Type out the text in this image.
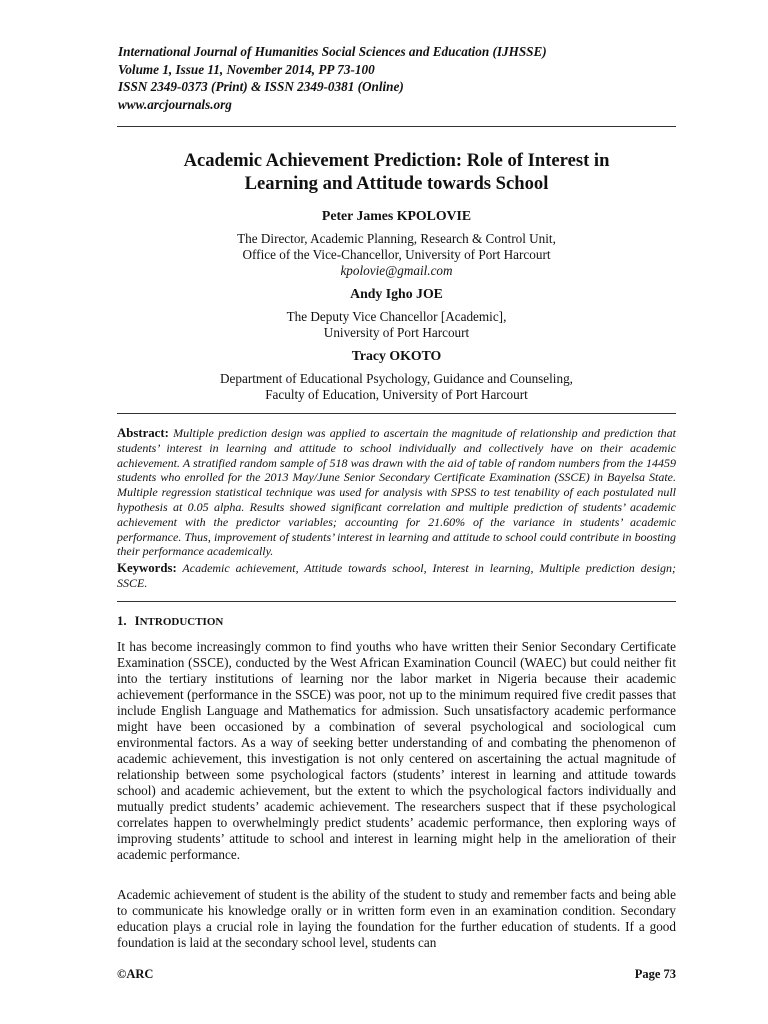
International Journal of Humanities Social Sciences and Education (IJHSSE)
Volume 1, Issue 11, November 2014, PP 73-100
ISSN 2349-0373 (Print) & ISSN 2349-0381 (Online)
www.arcjournals.org
Academic Achievement Prediction: Role of Interest in
Learning and Attitude towards School
Peter James KPOLOVIE
The Director, Academic Planning, Research & Control Unit,
Office of the Vice-Chancellor, University of Port Harcourt
kpolovie@gmail.com
Andy Igho JOE
The Deputy Vice Chancellor [Academic],
University of Port Harcourt
Tracy OKOTO
Department of Educational Psychology, Guidance and Counseling,
Faculty of Education, University of Port Harcourt
Abstract: Multiple prediction design was applied to ascertain the magnitude of relationship and prediction that students’ interest in learning and attitude to school individually and collectively have on their academic achievement. A stratified random sample of 518 was drawn with the aid of table of random numbers from the 14459 students who enrolled for the 2013 May/June Senior Secondary Certificate Examination (SSCE) in Bayelsa State. Multiple regression statistical technique was used for analysis with SPSS to test tenability of each postulated null hypothesis at 0.05 alpha. Results showed significant correlation and multiple prediction of students’ academic achievement with the predictor variables; accounting for 21.60% of the variance in students’ academic performance. Thus, improvement of students’ interest in learning and attitude to school could contribute in boosting their performance academically.
Keywords: Academic achievement, Attitude towards school, Interest in learning, Multiple prediction design; SSCE.
1. INTRODUCTION
It has become increasingly common to find youths who have written their Senior Secondary Certificate Examination (SSCE), conducted by the West African Examination Council (WAEC) but could neither fit into the tertiary institutions of learning nor the labor market in Nigeria because their academic achievement (performance in the SSCE) was poor, not up to the minimum required five credit passes that include English Language and Mathematics for admission. Such unsatisfactory academic performance might have been occasioned by a combination of several psychological and sociological cum environmental factors. As a way of seeking better understanding of and combating the phenomenon of academic achievement, this investigation is not only centered on ascertaining the actual magnitude of relationship between some psychological factors (students’ interest in learning and attitude towards school) and academic achievement, but the extent to which the psychological factors individually and mutually predict students’ academic achievement. The researchers suspect that if these psychological correlates happen to overwhelmingly predict students’ academic performance, then exploring ways of improving students’ attitude to school and interest in learning might help in the amelioration of their academic performance.
Academic achievement of student is the ability of the student to study and remember facts and being able to communicate his knowledge orally or in written form even in an examination condition. Secondary education plays a crucial role in laying the foundation for the further education of students. If a good foundation is laid at the secondary school level, students can
©ARC	Page 73
